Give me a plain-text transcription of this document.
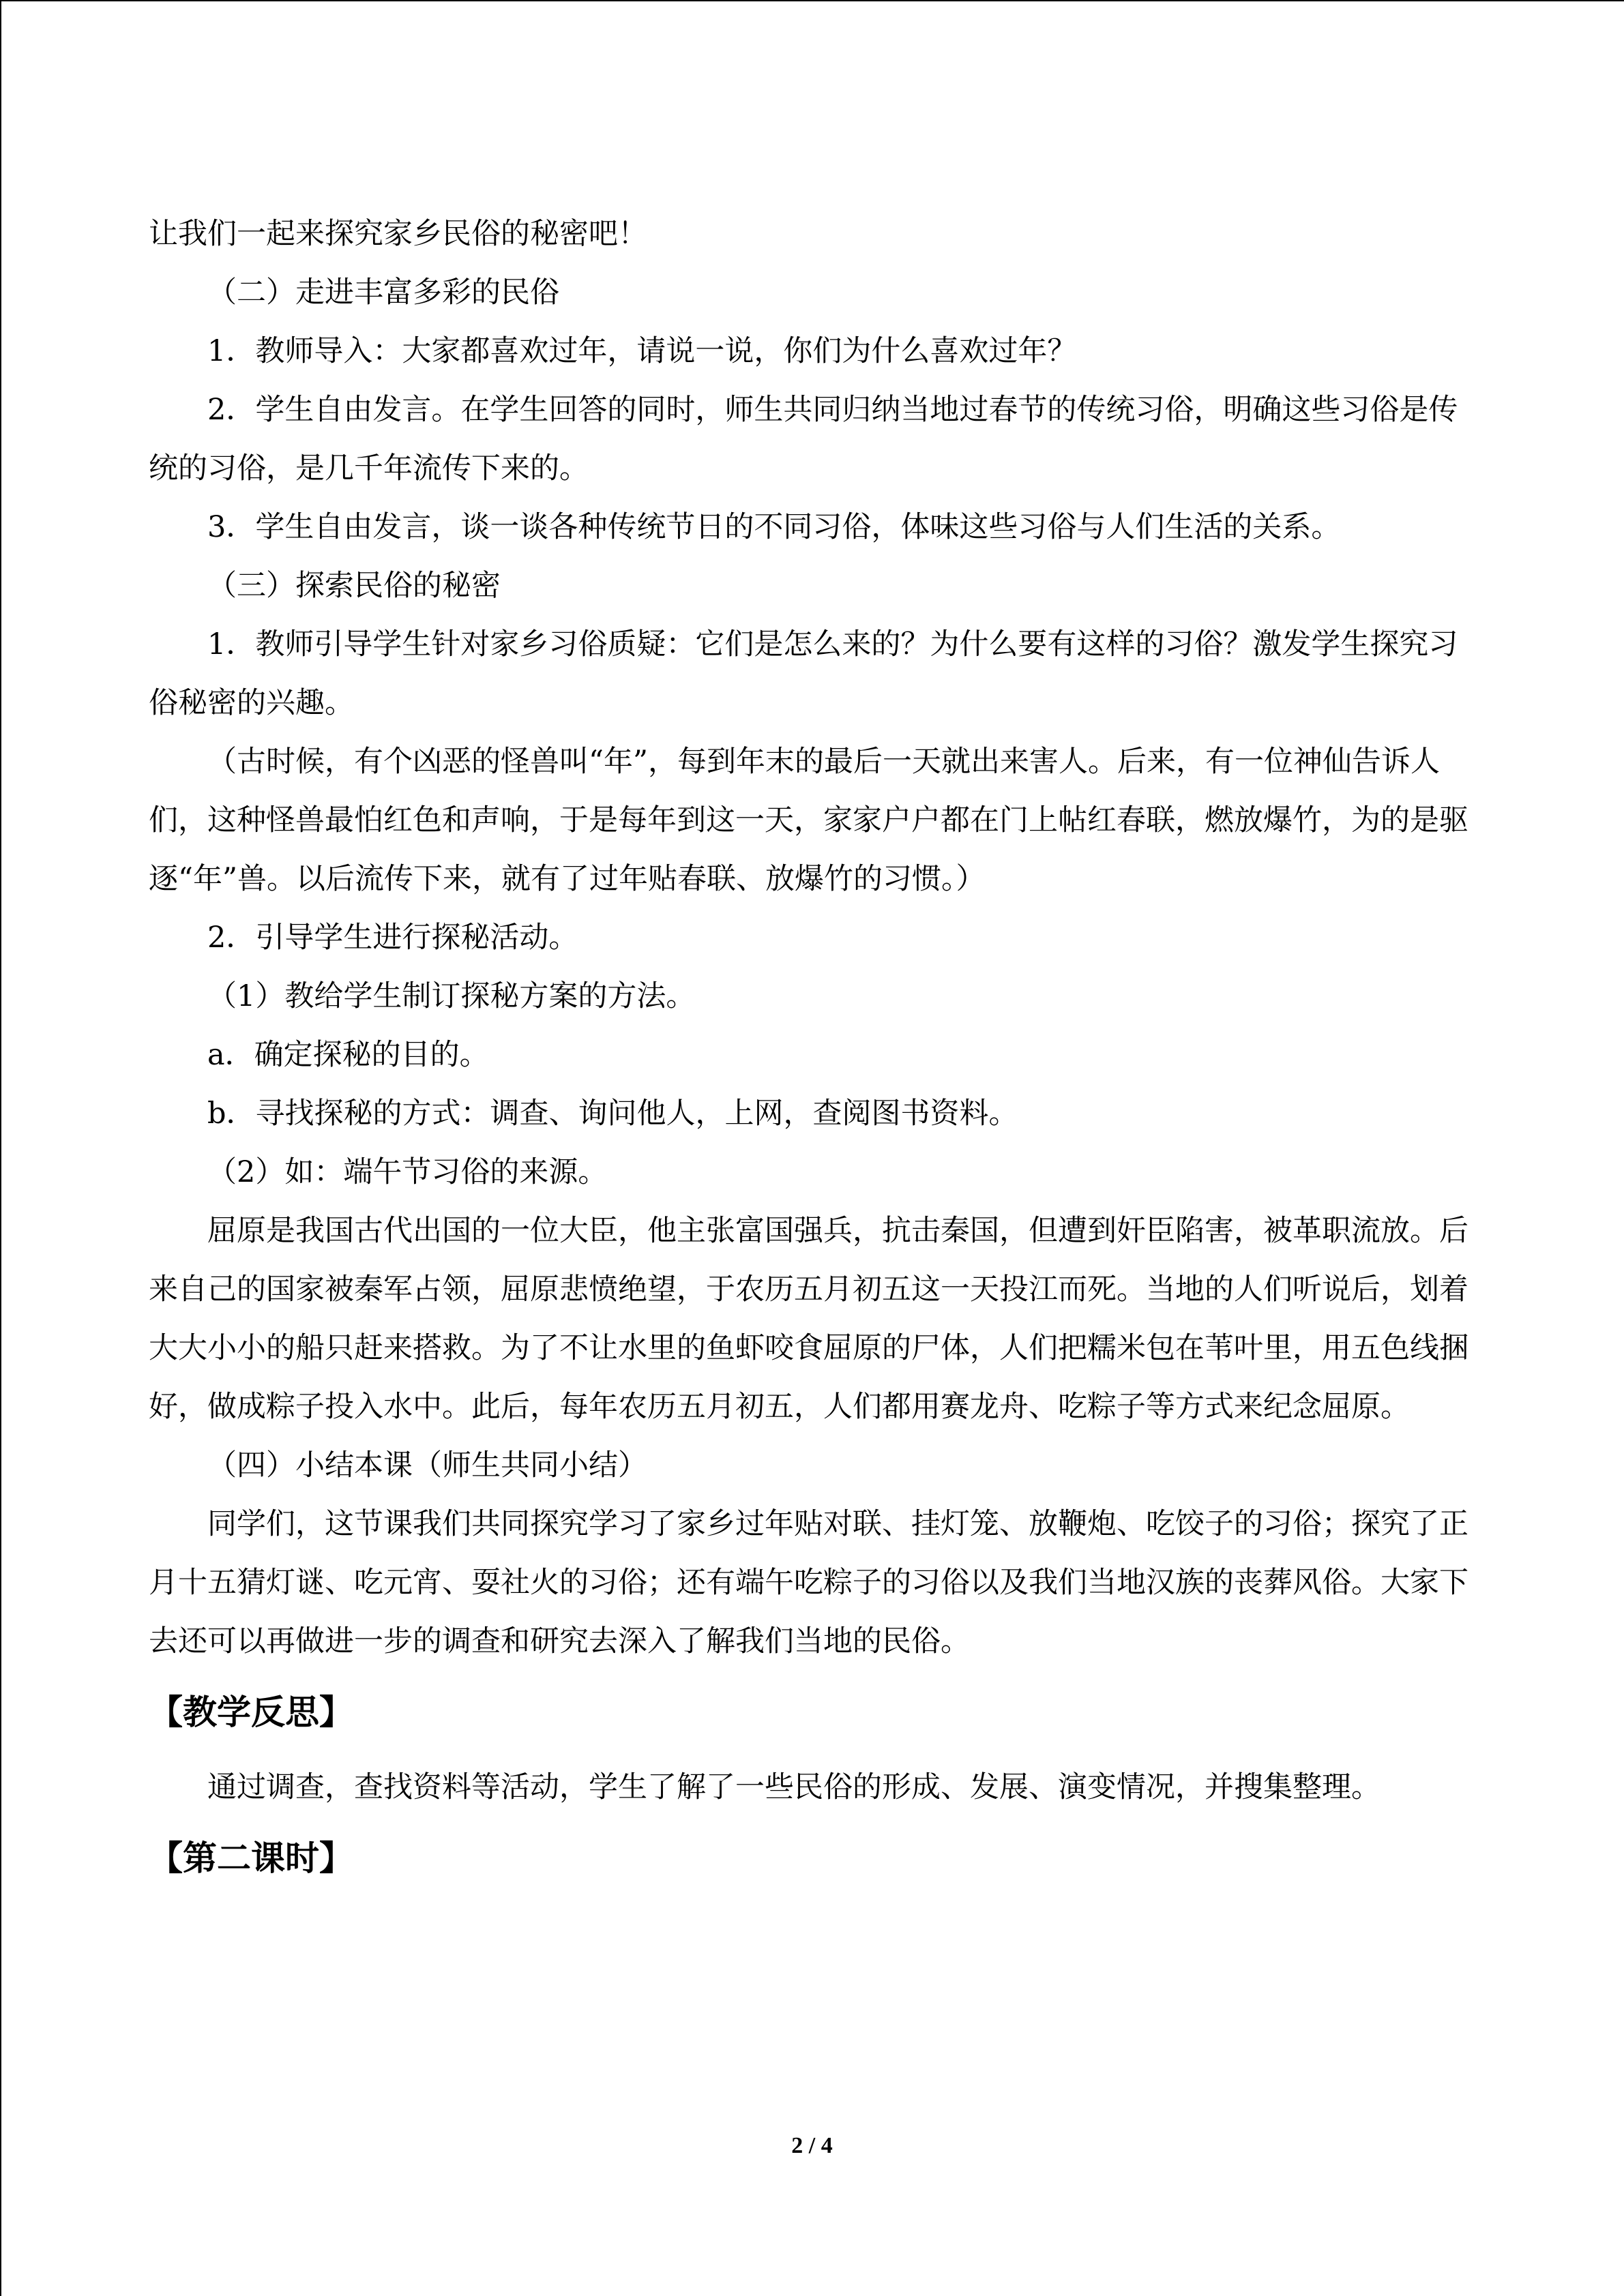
让我们一起来探究家乡民俗的秘密吧！

（二）走进丰富多彩的民俗

1．教师导入：大家都喜欢过年，请说一说，你们为什么喜欢过年？

2．学生自由发言。在学生回答的同时，师生共同归纳当地过春节的传统习俗，明确这些习俗是传统的习俗，是几千年流传下来的。

3．学生自由发言，谈一谈各种传统节日的不同习俗，体味这些习俗与人们生活的关系。

（三）探索民俗的秘密

1．教师引导学生针对家乡习俗质疑：它们是怎么来的？为什么要有这样的习俗？激发学生探究习俗秘密的兴趣。

（古时候，有个凶恶的怪兽叫“年”，每到年末的最后一天就出来害人。后来，有一位神仙告诉人们，这种怪兽最怕红色和声响，于是每年到这一天，家家户户都在门上帖红春联，燃放爆竹，为的是驱逐“年”兽。以后流传下来，就有了过年贴春联、放爆竹的习惯。）

2．引导学生进行探秘活动。

（1）教给学生制订探秘方案的方法。

a．确定探秘的目的。

b．寻找探秘的方式：调查、询问他人，上网，查阅图书资料。

（2）如：端午节习俗的来源。

屈原是我国古代出国的一位大臣，他主张富国强兵，抗击秦国，但遭到奸臣陷害，被革职流放。后来自己的国家被秦军占领，屈原悲愤绝望，于农历五月初五这一天投江而死。当地的人们听说后，划着大大小小的船只赶来搭救。为了不让水里的鱼虾咬食屈原的尸体，人们把糯米包在苇叶里，用五色线捆好，做成粽子投入水中。此后，每年农历五月初五，人们都用赛龙舟、吃粽子等方式来纪念屈原。

（四）小结本课（师生共同小结）

同学们，这节课我们共同探究学习了家乡过年贴对联、挂灯笼、放鞭炮、吃饺子的习俗；探究了正月十五猜灯谜、吃元宵、耍社火的习俗；还有端午吃粽子的习俗以及我们当地汉族的丧葬风俗。大家下去还可以再做进一步的调查和研究去深入了解我们当地的民俗。

【教学反思】

通过调查，查找资料等活动，学生了解了一些民俗的形成、发展、演变情况，并搜集整理。

【第二课时】
2 / 4
